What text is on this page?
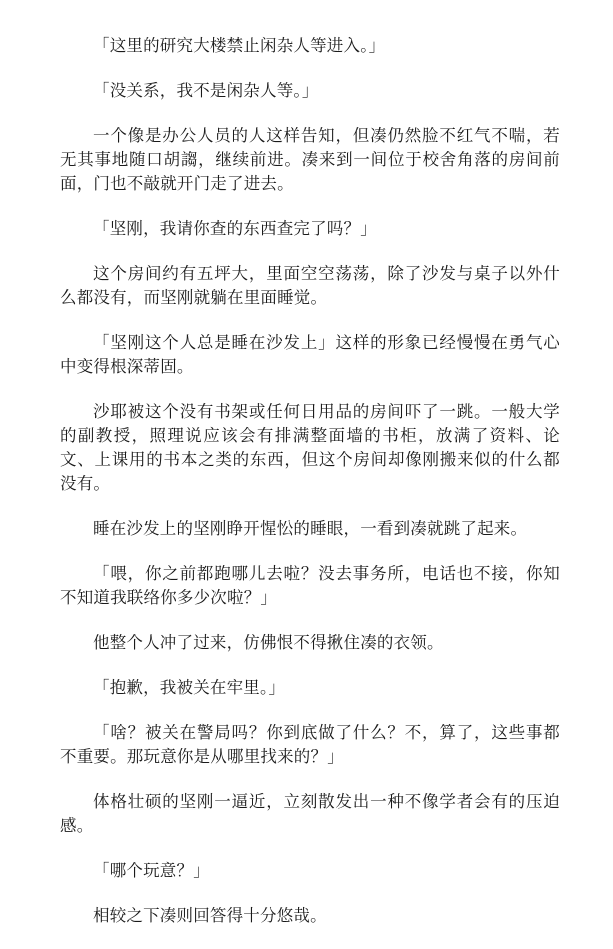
「这里的研究大楼禁止闲杂人等进入。」

「没关系，我不是闲杂人等。」

一个像是办公人员的人这样告知，但凑仍然脸不红气不喘，若无其事地随口胡謅，继续前进。凑来到一间位于校舍角落的房间前面，门也不敲就开门走了进去。

「坚刚，我请你查的东西查完了吗？」

这个房间约有五坪大，里面空空荡荡，除了沙发与桌子以外什么都没有，而坚刚就躺在里面睡觉。

「坚刚这个人总是睡在沙发上」这样的形象已经慢慢在勇气心中变得根深蒂固。

沙耶被这个没有书架或任何日用品的房间吓了一跳。一般大学的副教授，照理说应该会有排满整面墙的书柜，放满了资料、论文、上课用的书本之类的东西，但这个房间却像刚搬来似的什么都没有。

睡在沙发上的坚刚睁开惺忪的睡眼，一看到凑就跳了起来。

「喂，你之前都跑哪儿去啦？没去事务所，电话也不接，你知不知道我联络你多少次啦？」

他整个人冲了过来，仿佛恨不得揪住凑的衣领。

「抱歉，我被关在牢里。」

「啥？被关在警局吗？你到底做了什么？不，算了，这些事都不重要。那玩意你是从哪里找来的？」

体格壮硕的坚刚一逼近，立刻散发出一种不像学者会有的压迫感。

「哪个玩意？」

相较之下凑则回答得十分悠哉。
